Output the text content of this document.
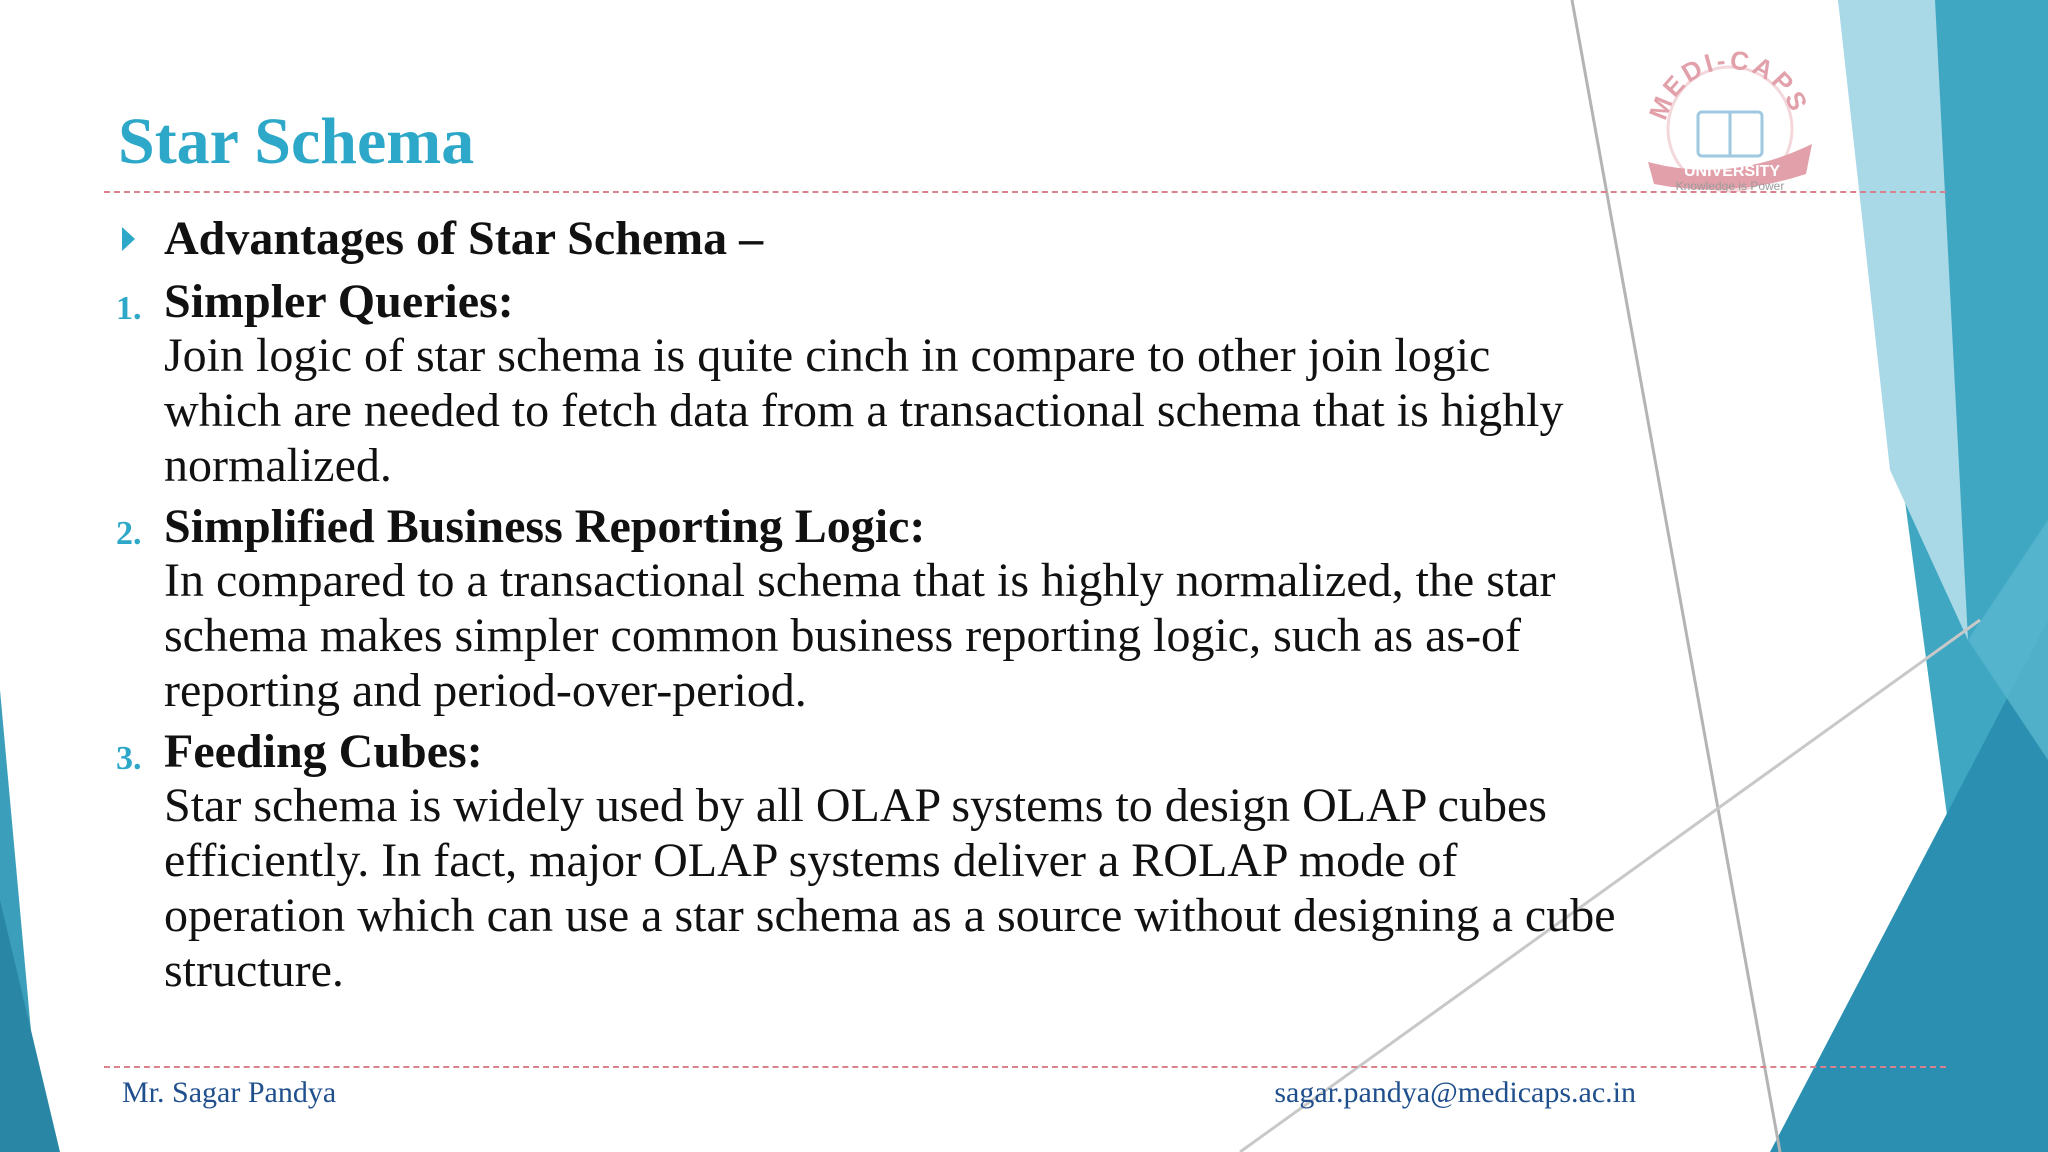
MEDI-CAPS
UNIVERSITY
Knowledge is Power
Star Schema
Advantages of Star Schema –
1. Simpler Queries:
Join logic of star schema is quite cinch in compare to other join logic which are needed to fetch data from a transactional schema that is highly normalized.
2. Simplified Business Reporting Logic:
In compared to a transactional schema that is highly normalized, the star schema makes simpler common business reporting logic, such as as-of reporting and period-over-period.
3. Feeding Cubes:
Star schema is widely used by all OLAP systems to design OLAP cubes efficiently. In fact, major OLAP systems deliver a ROLAP mode of operation which can use a star schema as a source without designing a cube structure.
Mr. Sagar Pandya	sagar.pandya@medicaps.ac.in
